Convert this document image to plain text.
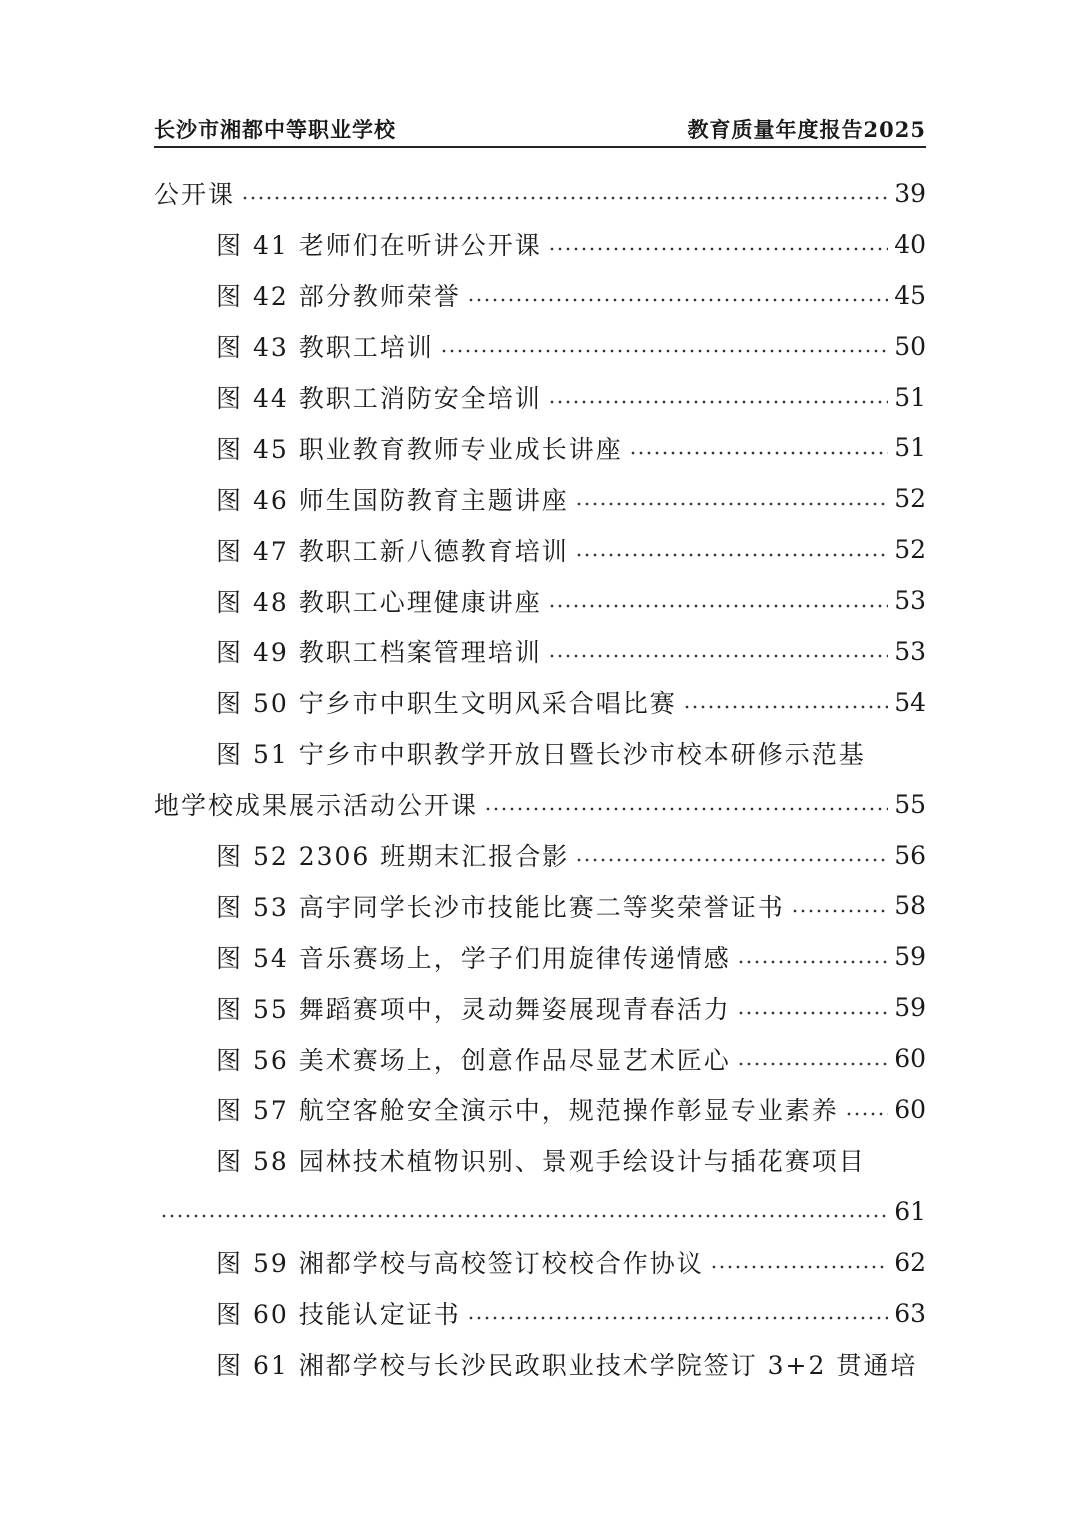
长沙市湘都中等职业学校	教育质量年度报告2025
公开课	39
图 41 老师们在听讲公开课	40
图 42 部分教师荣誉	45
图 43 教职工培训	50
图 44 教职工消防安全培训	51
图 45 职业教育教师专业成长讲座	51
图 46 师生国防教育主题讲座	52
图 47 教职工新八德教育培训	52
图 48 教职工心理健康讲座	53
图 49 教职工档案管理培训	53
图 50 宁乡市中职生文明风采合唱比赛	54
图 51 宁乡市中职教学开放日暨长沙市校本研修示范基
地学校成果展示活动公开课	55
图 52 2306 班期末汇报合影	56
图 53 高宇同学长沙市技能比赛二等奖荣誉证书	58
图 54 音乐赛场上，学子们用旋律传递情感	59
图 55 舞蹈赛项中，灵动舞姿展现青春活力	59
图 56 美术赛场上，创意作品尽显艺术匠心	60
图 57 航空客舱安全演示中，规范操作彰显专业素养 60
图 58 园林技术植物识别、景观手绘设计与插花赛项目
61
图 59 湘都学校与高校签订校校合作协议	62
图 60 技能认定证书	63
图 61 湘都学校与长沙民政职业技术学院签订 3+2 贯通培
